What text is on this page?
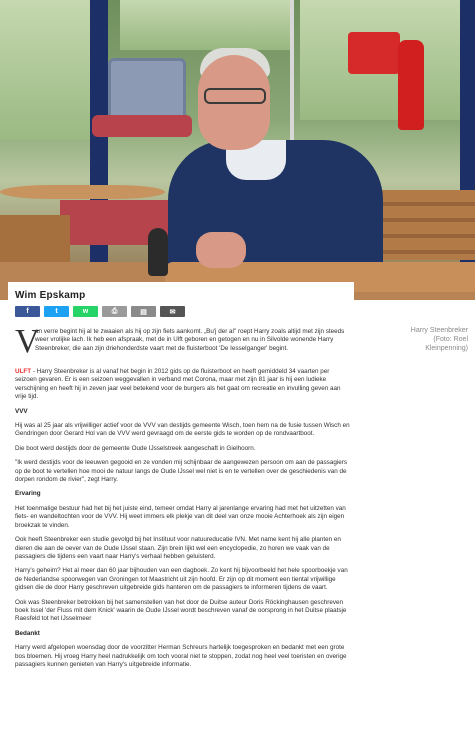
Wim Epskamp
f	t	w	⎙	▤	✉
Harry Steenbreker
(Foto: Roel Kleinpenning)

V
an verre begint hij al te zwaaien als hij op zijn fiets aankomt. „Bu'j der al" roept Harry zoals altijd met zijn steeds weer vrolijke lach. Ik heb een afspraak, met de in Ulft geboren en getogen en nu in Silvolde wonende Harry Steenbreker, die aan zijn driehonderdste vaart met de fluisterboot 'De Iesselganger' begint.

ULFT - Harry Steenbreker is al vanaf het begin in 2012 gids op de fluisterboot en heeft gemiddeld 34 vaarten per seizoen gevaren. Er is een seizoen weggevallen in verband met Corona, maar met zijn 81 jaar is hij een ludieke verschijning en heeft hij in zeven jaar veel betekend voor de burgers als het gaat om recreatie en invulling geven aan vrije tijd.

VVV

Hij was al 25 jaar als vrijwilliger actief voor de VVV van destijds gemeente Wisch, toen hem na de fusie tussen Wisch en Gendringen door Gerard Hol van de VVV werd gevraagd om de eerste gids te worden op de rondvaartboot.

Die boot werd destijds door de gemeente Oude IJsselstreek aangeschaft in Gielhoorn.

"Ik werd destijds voor de leeuwen gegooid en ze vonden mij schijnbaar de aangewezen persoon om aan de passagiers op de boot te vertellen hoe mooi de natuur langs de Oude IJssel wel niet is en te vertellen over de geschiedenis van de dorpen rondom de rivier", zegt Harry.

Ervaring

Het toenmalige bestuur had het bij het juiste eind, temeer omdat Harry al jarenlange ervaring had met het uitzetten van fiets- en wandeltochten voor de VVV. Hij weet immers elk plekje van dit deel van onze mooie Achterhoek als zijn eigen broekzak te vinden.

Ook heeft Steenbreker een studie gevolgd bij het Instituut voor natuureducatie IVN. Met name kent hij alle planten en dieren die aan de oever van de Oude IJssel staan. Zijn brein lijkt wel een encyclopedie, zo horen we vaak van de passagiers die tijdens een vaart naar Harry's verhaal hebben geluisterd.

Harry's geheim? Het al meer dan 60 jaar bijhouden van een dagboek. Zo kent hij bijvoorbeeld het hele spoorboekje van de Nederlandse spoorwegen van Groningen tot Maastricht uit zijn hoofd. Er zijn op dit moment een tiental vrijwillige gidsen die de door Harry geschreven uitgebreide gids hanteren om de passagiers te informeren tijdens de vaart.

Ook was Steenbreker betrokken bij het samenstellen van het door de Duitse auteur Doris Röckinghausen geschreven boek Issel 'der Fluss mit dem Knick' waarin de Oude IJssel wordt beschreven vanaf de oorsprong in het Duitse plaatsje Raesfeld tot het IJsselmeer

Bedankt

Harry werd afgelopen woensdag door de voorzitter Herman Schreurs hartelijk toegesproken en bedankt met een grote bos bloemen. Hij vroeg Harry heel nadrukkelijk om toch vooral niet te stoppen, zodat nog heel veel toeristen en overige passagiers kunnen genieten van Harry's uitgebreide informatie.
